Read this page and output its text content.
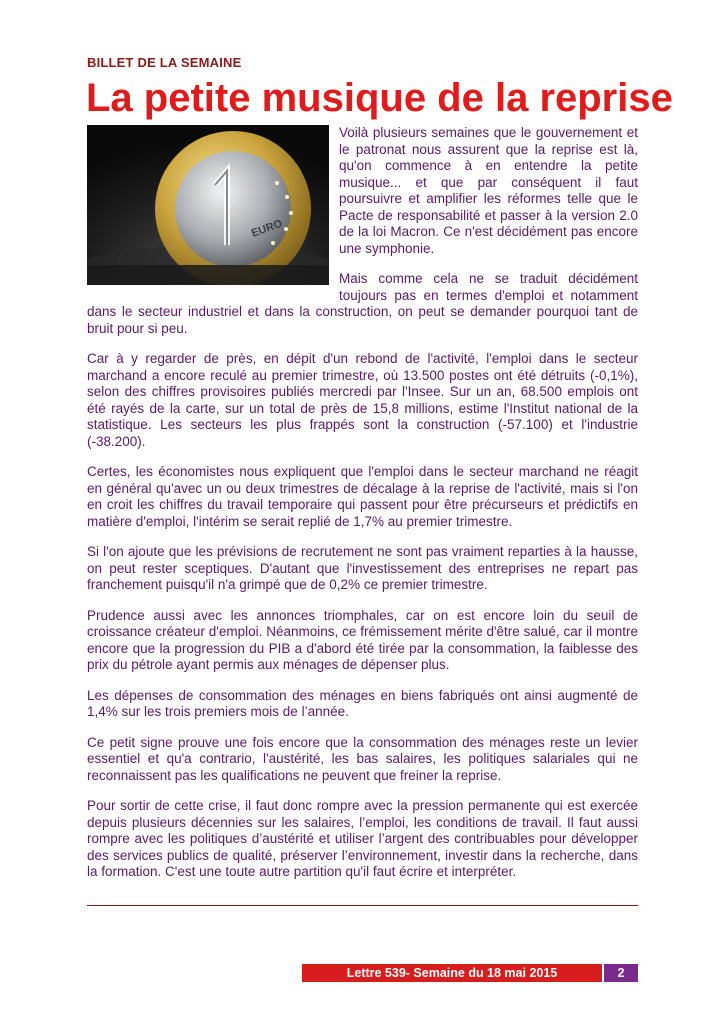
BILLET DE LA SEMAINE
La petite musique de la reprise
EURO

Voilà plusieurs semaines que le gouvernement et le patronat nous assurent que la reprise est là, qu'on commence à en entendre la petite musique... et que par conséquent il faut poursuivre et amplifier les réformes telle que le Pacte de responsabilité et passer à la version 2.0 de la loi Macron. Ce n'est décidément pas encore une symphonie.

Mais comme cela ne se traduit décidément toujours pas en termes d'emploi et notamment dans le secteur industriel et dans la construction, on peut se demander pourquoi tant de bruit pour si peu.

Car à y regarder de près, en dépit d'un rebond de l'activité, l'emploi dans le secteur marchand a encore reculé au premier trimestre, où 13.500 postes ont été détruits (-0,1%), selon des chiffres provisoires publiés mercredi par l'Insee. Sur un an, 68.500 emplois ont été rayés de la carte, sur un total de près de 15,8 millions, estime l'Institut national de la statistique. Les secteurs les plus frappés sont la construction (-57.100) et l'industrie (-38.200).

Certes, les économistes nous expliquent que l'emploi dans le secteur marchand ne réagit en général qu'avec un ou deux trimestres de décalage à la reprise de l'activité, mais si l'on en croit les chiffres du travail temporaire qui passent pour être précurseurs et prédictifs en matière d'emploi, l'intérim se serait replié de 1,7% au premier trimestre.

Si l'on ajoute que les prévisions de recrutement ne sont pas vraiment reparties à la hausse, on peut rester sceptiques. D'autant que l'investissement des entreprises ne repart pas franchement puisqu'il n'a grimpé que de 0,2% ce premier trimestre.

Prudence aussi avec les annonces triomphales, car on est encore loin du seuil de croissance créateur d'emploi. Néanmoins, ce frémissement mérite d'être salué, car il montre encore que la progression du PIB a d'abord été tirée par la consommation, la faiblesse des prix du pétrole ayant permis aux ménages de dépenser plus.

Les dépenses de consommation des ménages en biens fabriqués ont ainsi augmenté de 1,4% sur les trois premiers mois de l’année.

Ce petit signe prouve une fois encore que la consommation des ménages reste un levier essentiel et qu'a contrario, l'austérité, les bas salaires, les politiques salariales qui ne reconnaissent pas les qualifications ne peuvent que freiner la reprise.

Pour sortir de cette crise, il faut donc rompre avec la pression permanente qui est exercée depuis plusieurs décennies sur les salaires, l’emploi, les conditions de travail. Il faut aussi rompre avec les politiques d’austérité et utiliser l’argent des contribuables pour développer des services publics de qualité, préserver l’environnement, investir dans la recherche, dans la formation. C'est une toute autre partition qu'il faut écrire et interpréter.

Lettre 539- Semaine du 18 mai 2015	2
